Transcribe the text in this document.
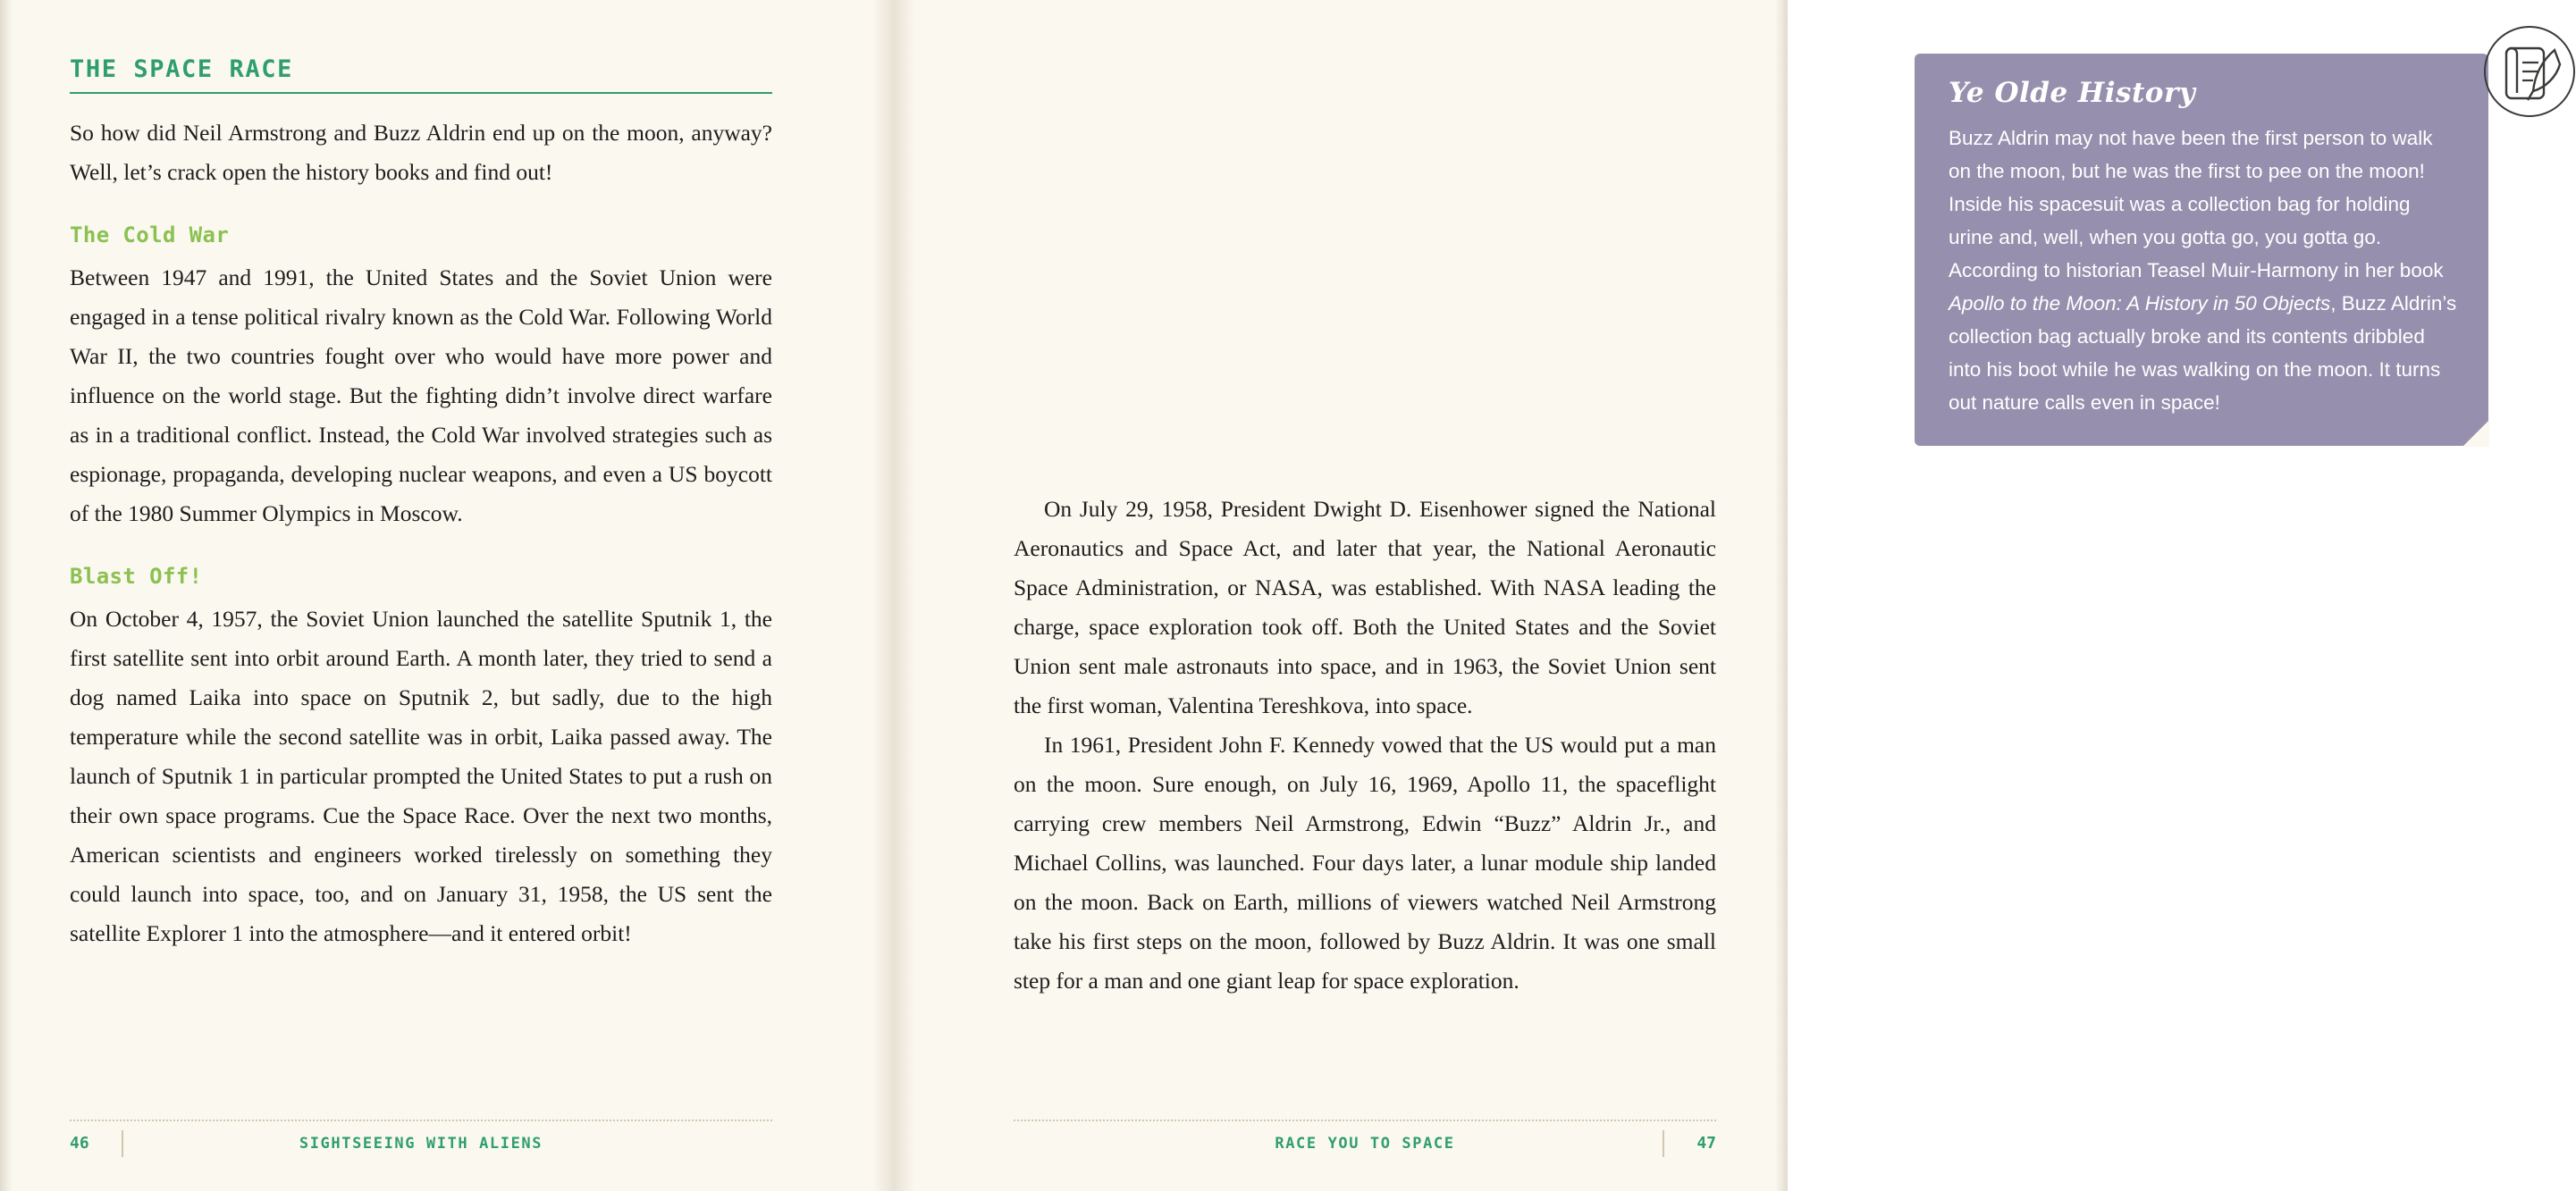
THE SPACE RACE

So how did Neil Armstrong and Buzz Aldrin end up on the moon, anyway? Well, let’s crack open the history books and find out!

The Cold War

Between 1947 and 1991, the United States and the Soviet Union were engaged in a tense political rivalry known as the Cold War. Following World War II, the two countries fought over who would have more power and influence on the world stage. But the fighting didn’t involve direct warfare as in a traditional conflict. Instead, the Cold War involved strategies such as espionage, propaganda, developing nuclear weapons, and even a US boycott of the 1980 Summer Olympics in Moscow.

Blast Off!

On October 4, 1957, the Soviet Union launched the satellite Sputnik 1, the first satellite sent into orbit around Earth. A month later, they tried to send a dog named Laika into space on Sputnik 2, but sadly, due to the high temperature while the second satellite was in orbit, Laika passed away. The launch of Sputnik 1 in particular prompted the United States to put a rush on their own space programs. Cue the Space Race. Over the next two months, American scientists and engineers worked tirelessly on something they could launch into space, too, and on January 31, 1958, the US sent the satellite Explorer 1 into the atmosphere—and it entered orbit!

46	SIGHTSEEING WITH ALIENS
Ye Olde History

Buzz Aldrin may not have been the first person to walk on the moon, but he was the first to pee on the moon! Inside his spacesuit was a collection bag for holding urine and, well, when you gotta go, you gotta go. According to historian Teasel Muir-Harmony in her book Apollo to the Moon: A History in 50 Objects, Buzz Aldrin’s collection bag actually broke and its contents dribbled into his boot while he was walking on the moon. It turns out nature calls even in space!

On July 29, 1958, President Dwight D. Eisenhower signed the National Aeronautics and Space Act, and later that year, the National Aeronautic Space Administration, or NASA, was established. With NASA leading the charge, space exploration took off. Both the United States and the Soviet Union sent male astronauts into space, and in 1963, the Soviet Union sent the first woman, Valentina Tereshkova, into space.

In 1961, President John F. Kennedy vowed that the US would put a man on the moon. Sure enough, on July 16, 1969, Apollo 11, the spaceflight carrying crew members Neil Armstrong, Edwin “Buzz” Aldrin Jr., and Michael Collins, was launched. Four days later, a lunar module ship landed on the moon. Back on Earth, millions of viewers watched Neil Armstrong take his first steps on the moon, followed by Buzz Aldrin. It was one small step for a man and one giant leap for space exploration.

47
RACE YOU TO SPACE
